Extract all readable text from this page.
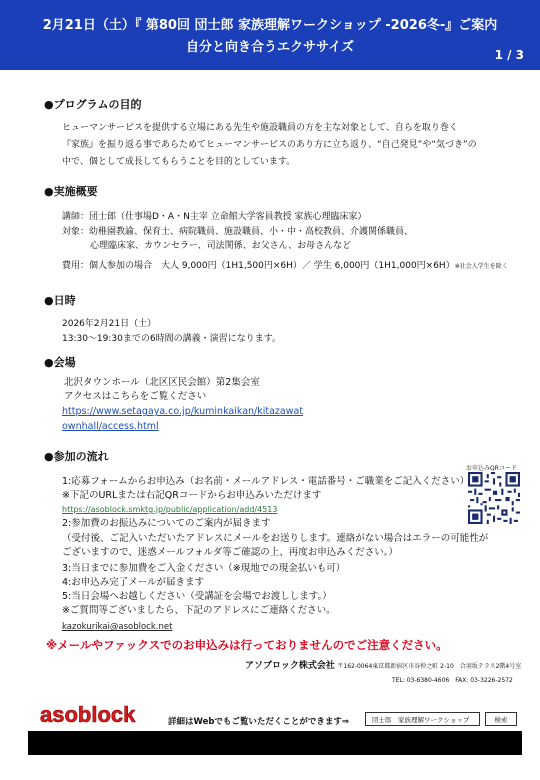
2月21日（土）『 第80回 団士郎 家族理解ワークショップ -2026冬-』ご案内
自分と向き合うエクササイズ	1 / 3
●プログラムの目的
ヒューマンサービスを提供する立場にある先生や施設職員の方を主な対象として、自らを取り巻く
『家族』を振り返る事であらためてヒューマンサービスのあり方に立ち返り、“自己発見”や“気づき”の
中で、個として成長してもらうことを目的としています。
●実施概要
講師：団士郎（仕事場D・A・N主宰 立命館大学客員教授 家族心理臨床家）
対象：幼稚園教諭、保育士、病院職員、施設職員、小・中・高校教員、介護関係職員、
心理臨床家、カウンセラー、司法関係、お父さん、お母さんなど
費用：個人参加の場合　大人 9,000円（1H1,500円×6H）／ 学生 6,000円（1H1,000円×6H）※社会人学生を除く
●日時
2026年2月21日（土）
13:30～19:30までの6時間の講義・演習になります。
●会場
北沢タウンホール（北区区民会館）第2集会室
アクセスはこちらをご覧ください
https://www.setagaya.co.jp/kuminkaikan/kitazawat
ownhall/access.html
●参加の流れ
お申込みQRコード
1:応募フォームからお申込み（お名前・メールアドレス・電話番号・ご職業をご記入ください）
※下記のURLまたは右記QRコードからお申込みいただけます
https://asoblock.smktg.jp/public/application/add/4513
2:参加費のお振込みについてのご案内が届きます
（受付後、ご記入いただいたアドレスにメールをお送りします。連絡がない場合はエラーの可能性が
ございますので、迷惑メールフォルダ等ご確認の上、再度お申込みください。）
3:当日までに参加費をご入金ください（※現地での現金払いも可）
4:お申込み完了メールが届きます
5:当日会場へお越しください（受講証を会場でお渡しします。）
※ご質問等ございましたら、下記のアドレスにご連絡ください。
kazokurikai@asoblock.net
※メールやファックスでのお申込みは行っておりませんのでご注意ください。
アソブロック株式会社 〒162-0064東京都新宿区市谷仲之町 2-10　合羽坂テラス2階4号室
TEL: 03-6380-4606　FAX: 03-3226-2572
asoblock	詳細はWebでもご覧いただくことができます⇒	団士郎　家族理解ワークショップ	検索
